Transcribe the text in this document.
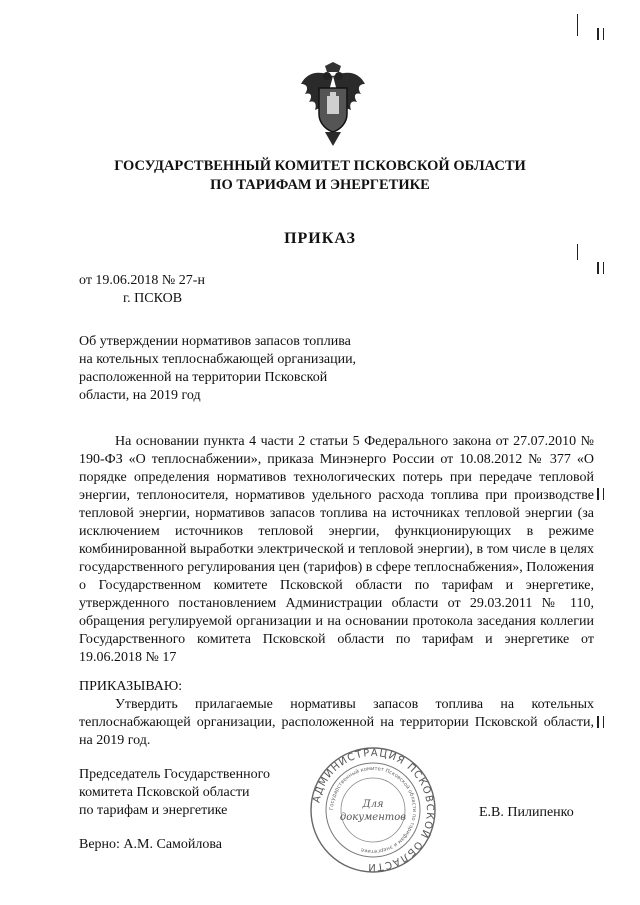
ГОСУДАРСТВЕННЫЙ КОМИТЕТ ПСКОВСКОЙ ОБЛАСТИ
ПО ТАРИФАМ И ЭНЕРГЕТИКЕ
ПРИКАЗ
от 19.06.2018 № 27-н
г. ПСКОВ
Об утверждении нормативов запасов топлива
на котельных теплоснабжающей организации,
расположенной на территории Псковской
области, на 2019 год
На основании пункта 4 части 2 статьи 5 Федерального закона от 27.07.2010 № 190-ФЗ «О теплоснабжении», приказа Минэнерго России от 10.08.2012 № 377 «О порядке определения нормативов технологических потерь при передаче тепловой энергии, теплоносителя, нормативов удельного расхода топлива при производстве тепловой энергии, нормативов запасов топлива на источниках тепловой энергии (за исключением источников тепловой энергии, функционирующих в режиме комбинированной выработки электрической и тепловой энергии), в том числе в целях государственного регулирования цен (тарифов) в сфере теплоснабжения», Положения о Государственном комитете Псковской области по тарифам и энергетике, утвержденного постановлением Администрации области от 29.03.2011 № 110, обращения регулируемой организации и на основании протокола заседания коллегии Государственного комитета Псковской области по тарифам и энергетике от 19.06.2018 № 17
ПРИКАЗЫВАЮ:
Утвердить прилагаемые нормативы запасов топлива на котельных теплоснабжающей организации, расположенной на территории Псковской области, на 2019 год.
Председатель Государственного
комитета Псковской области
по тарифам и энергетике	Е.В. Пилипенко
Верно: А.М. Самойлова
АДМИНИСТРАЦИЯ ПСКОВСКОЙ ОБЛАСТИ
Государственный комитет Псковской области по тарифам и энергетике
Для
документов
